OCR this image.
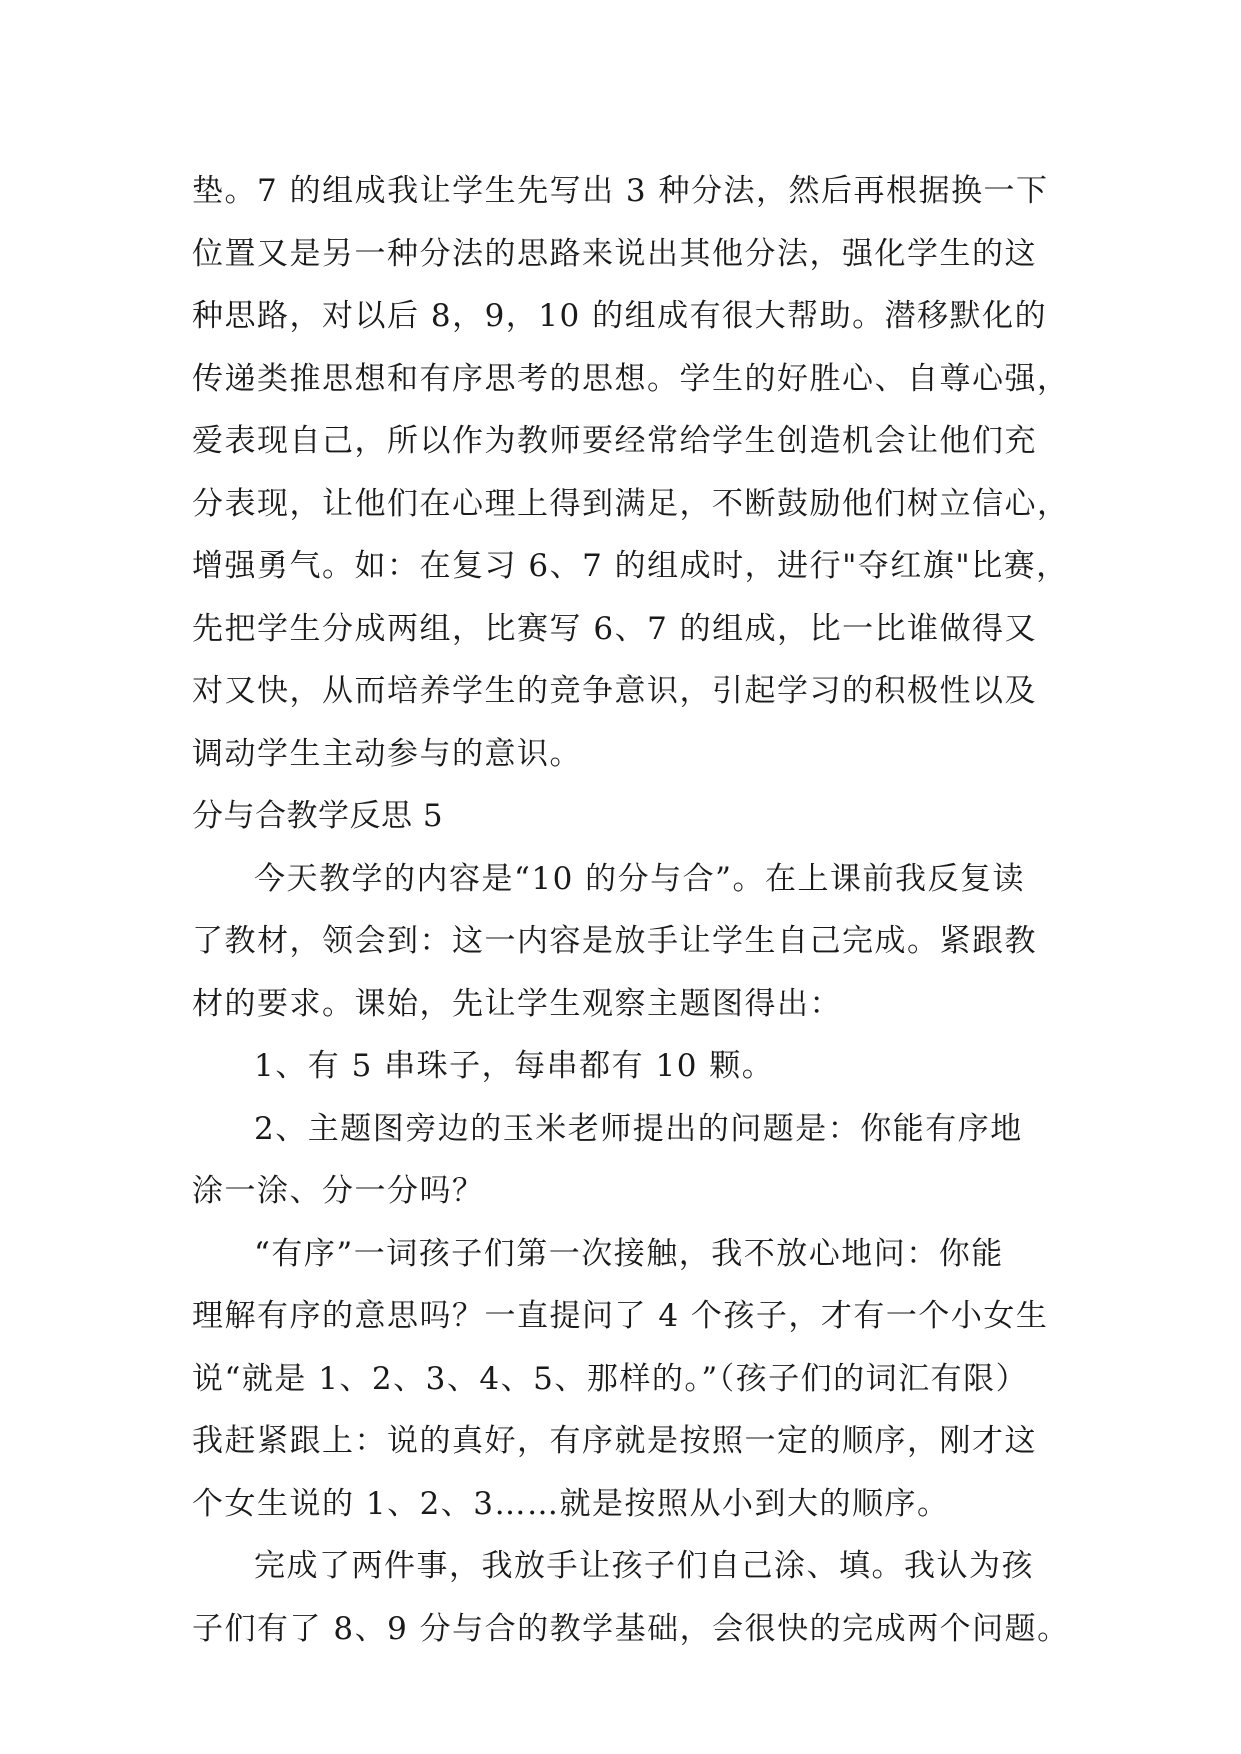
垫。7 的组成我让学生先写出 3 种分法，然后再根据换一下
位置又是另一种分法的思路来说出其他分法，强化学生的这
种思路，对以后 8，9，10 的组成有很大帮助。潜移默化的
传递类推思想和有序思考的思想。学生的好胜心、自尊心强，
爱表现自己，所以作为教师要经常给学生创造机会让他们充
分表现，让他们在心理上得到满足，不断鼓励他们树立信心，
增强勇气。如：在复习 6、7 的组成时，进行"夺红旗"比赛，
先把学生分成两组，比赛写 6、7 的组成，比一比谁做得又
对又快，从而培养学生的竞争意识，引起学习的积极性以及
调动学生主动参与的意识。
分与合教学反思 5
今天教学的内容是“10 的分与合”。在上课前我反复读
了教材，领会到：这一内容是放手让学生自己完成。紧跟教
材的要求。课始，先让学生观察主题图得出：
1、有 5 串珠子，每串都有 10 颗。
2、主题图旁边的玉米老师提出的问题是：你能有序地
涂一涂、分一分吗？
“有序”一词孩子们第一次接触，我不放心地问：你能
理解有序的意思吗？一直提问了 4 个孩子，才有一个小女生
说“就是 1、2、3、4、5、那样的。”（孩子们的词汇有限）
我赶紧跟上：说的真好，有序就是按照一定的顺序，刚才这
个女生说的 1、2、3……就是按照从小到大的顺序。
完成了两件事，我放手让孩子们自己涂、填。我认为孩
子们有了 8、9 分与合的教学基础，会很快的完成两个问题。
